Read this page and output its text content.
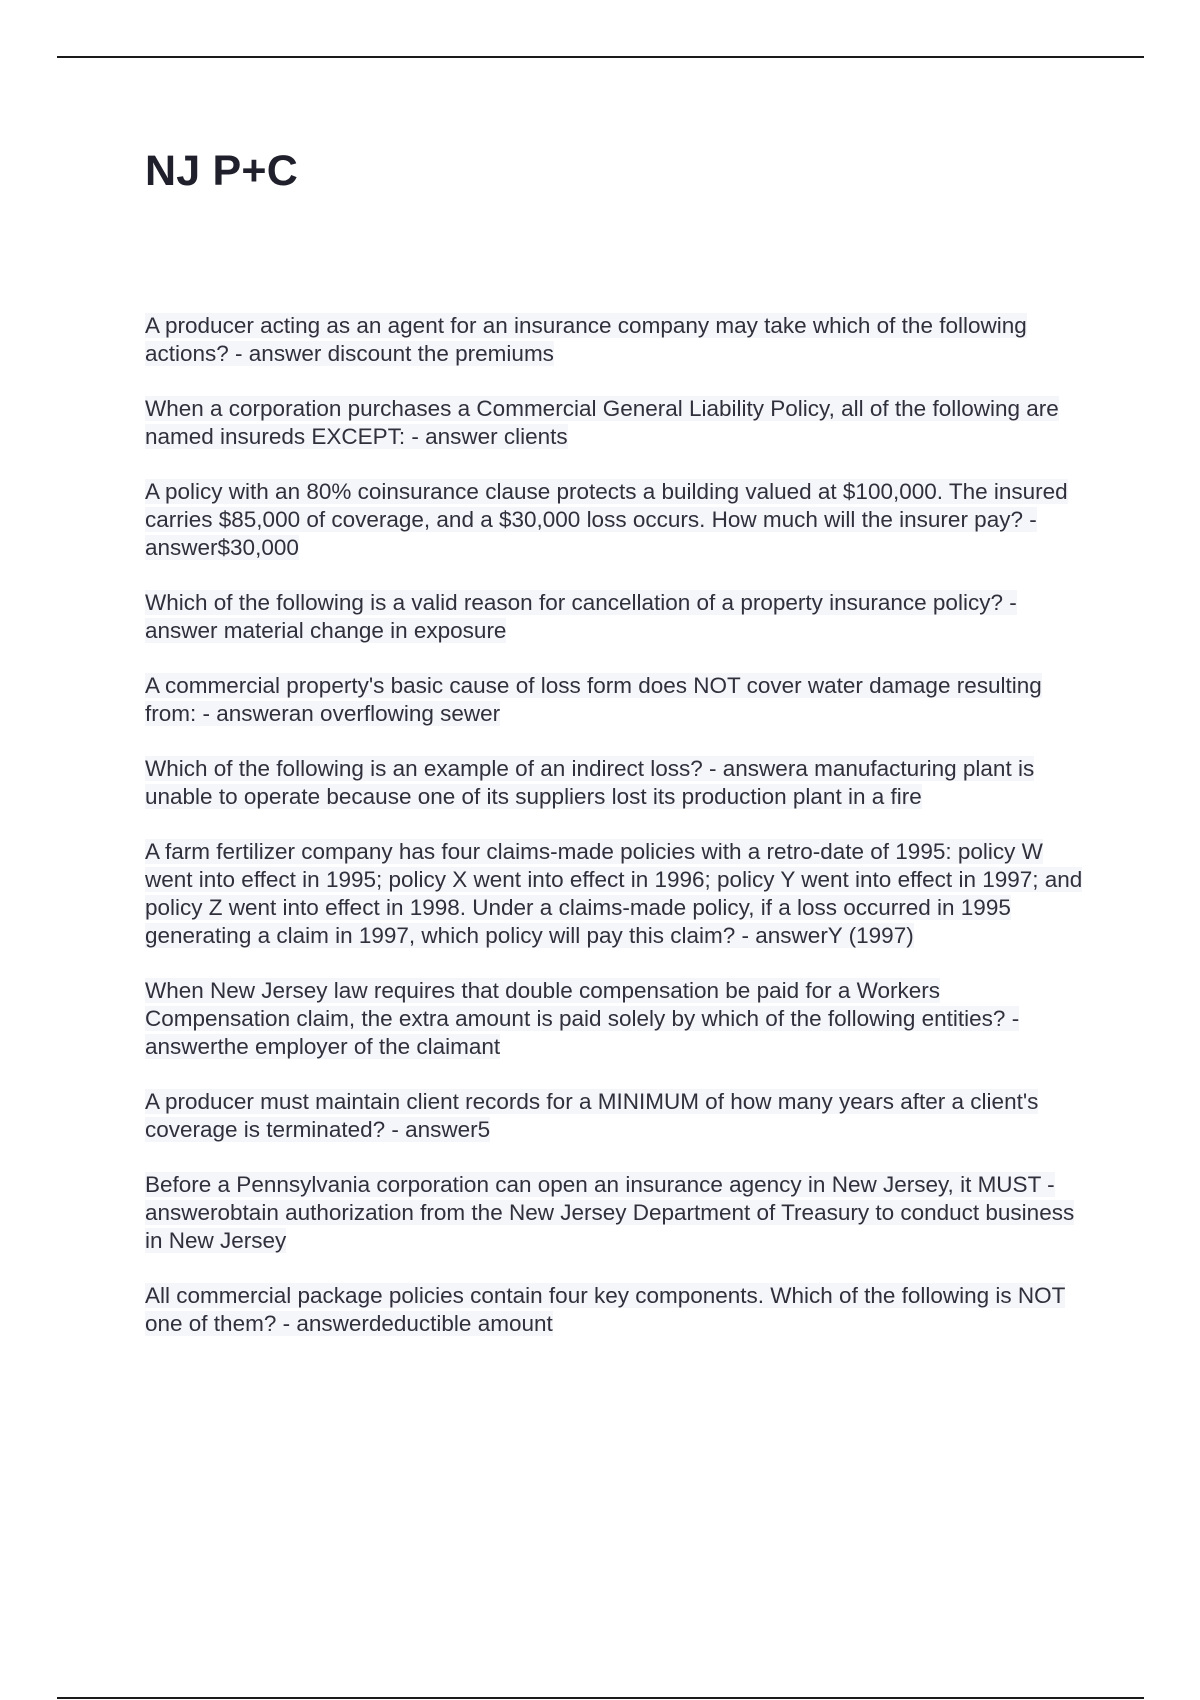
NJ P+C

A producer acting as an agent for an insurance company may take which of the following actions? - answer discount the premiums

When a corporation purchases a Commercial General Liability Policy, all of the following are named insureds EXCEPT: - answer clients

A policy with an 80% coinsurance clause protects a building valued at $100,000. The insured carries $85,000 of coverage, and a $30,000 loss occurs. How much will the insurer pay? - answer$30,000

Which of the following is a valid reason for cancellation of a property insurance policy? - answer material change in exposure

A commercial property's basic cause of loss form does NOT cover water damage resulting from: - answeran overflowing sewer

Which of the following is an example of an indirect loss? - answera manufacturing plant is unable to operate because one of its suppliers lost its production plant in a fire

A farm fertilizer company has four claims-made policies with a retro-date of 1995: policy W went into effect in 1995; policy X went into effect in 1996; policy Y went into effect in 1997; and policy Z went into effect in 1998. Under a claims-made policy, if a loss occurred in 1995 generating a claim in 1997, which policy will pay this claim? - answerY (1997)

When New Jersey law requires that double compensation be paid for a Workers Compensation claim, the extra amount is paid solely by which of the following entities? - answerthe employer of the claimant

A producer must maintain client records for a MINIMUM of how many years after a client's coverage is terminated? - answer5

Before a Pennsylvania corporation can open an insurance agency in New Jersey, it MUST - answerobtain authorization from the New Jersey Department of Treasury to conduct business in New Jersey

All commercial package policies contain four key components. Which of the following is NOT one of them? - answerdeductible amount
